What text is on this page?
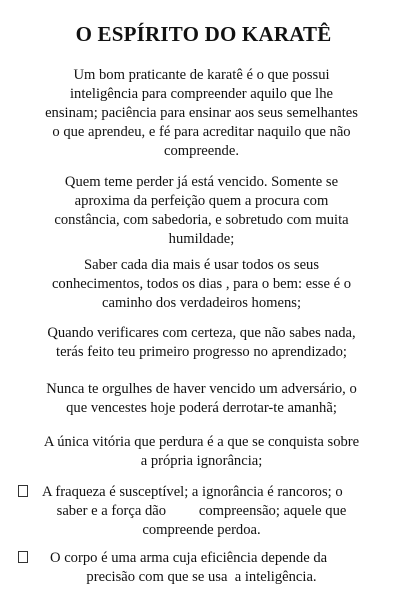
O ESPÍRITO DO KARATÊ

Um bom praticante de karatê é o que possui
inteligência para compreender aquilo que lhe
ensinam; paciência para ensinar aos seus semelhantes
o que aprendeu, e fé para acreditar naquilo que não
compreende.

Quem teme perder já está vencido. Somente se
aproxima da perfeição quem a procura com
constância, com sabedoria, e sobretudo com muita
humildade;

Saber cada dia mais é usar todos os seus
conhecimentos, todos os dias , para o bem: esse é o
caminho dos verdadeiros homens;

Quando verificares com certeza, que não sabes nada,
terás feito teu primeiro progresso no aprendizado;

Nunca te orgulhes de haver vencido um adversário, o
que vencestes hoje poderá derrotar-te amanhã;

A única vitória que perdura é a que se conquista sobre
a própria ignorância;

A fraqueza é susceptível; a ignorância é rancoros; o
saber e a força dão         compreensão; aquele que
compreende perdoa.

O corpo é uma arma cuja eficiência depende da
precisão com que se usa  a inteligência.
